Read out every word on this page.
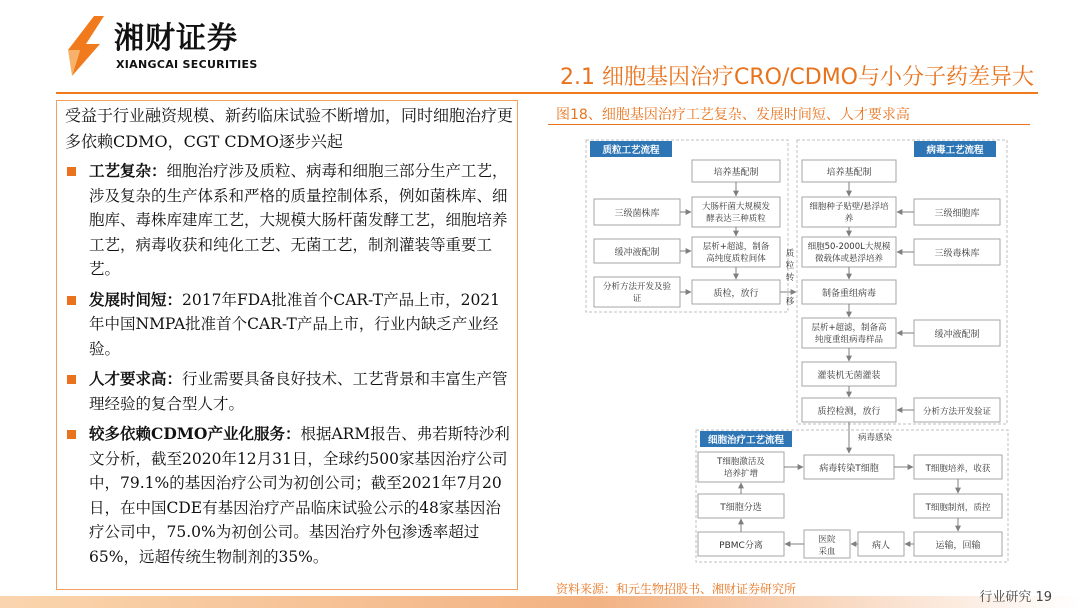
湘财证券
XIANGCAI SECURITIES
2.1 细胞基因治疗CRO/CDMO与小分子药差异大
受益于行业融资规模、新药临床试验不断增加，同时细胞治疗更多依赖CDMO，CGT CDMO逐步兴起
工艺复杂：细胞治疗涉及质粒、病毒和细胞三部分生产工艺，涉及复杂的生产体系和严格的质量控制体系，例如菌株库、细胞库、毒株库建库工艺，大规模大肠杆菌发酵工艺，细胞培养工艺，病毒收获和纯化工艺、无菌工艺，制剂灌装等重要工艺。
发展时间短：2017年FDA批准首个CAR-T产品上市，2021年中国NMPA批准首个CAR-T产品上市，行业内缺乏产业经验。
人才要求高：行业需要具备良好技术、工艺背景和丰富生产管理经验的复合型人才。
较多依赖CDMO产业化服务：根据ARM报告、弗若斯特沙利文分析，截至2020年12月31日，全球约500家基因治疗公司中，79.1%的基因治疗公司为初创公司；截至2021年7月20日，在中国CDE有基因治疗产品临床试验公示的48家基因治疗公司中，75.0%为初创公司。基因治疗外包渗透率超过65%，远超传统生物制剂的35%。
图18、细胞基因治疗工艺复杂、发展时间短、人才要求高
质粒工艺流程
培养基配制
三级菌株库
大肠杆菌大规模发
酵表达三种质粒
缓冲液配制
层析+超滤，制备
高纯度质粒间体
分析方法开发及验
证	质检，放行
质
粒
转
移
病毒工艺流程
培养基配制
细胞种子贴壁/悬浮培
养	三级细胞库
细胞50-2000L大规模
微载体或悬浮培养	三级毒株库
制备重组病毒
层析+超滤，制备高
纯度重组病毒样品	缓冲液配制
灌装机无菌灌装
质控检测，放行	分析方法开发验证
病毒感染
细胞治疗工艺流程
T细胞激活及
培养扩增	病毒转染T细胞	T细胞培养，收获
T细胞分选	T细胞制剂，质控
PBMC分离
医院
采血
病人	运输，回输
资料来源：和元生物招股书、湘财证券研究所
行业研究 19
